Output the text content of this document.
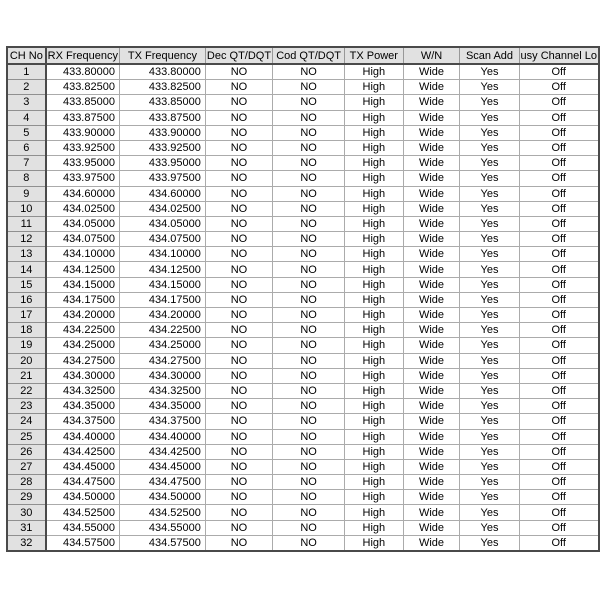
CH No	RX Frequency	TX Frequency	Dec QT/DQT	Cod QT/DQT	TX Power	W/N	Scan Add	usy Channel Lo
1	433.80000	433.80000	NO	NO	High	Wide	Yes	Off
2	433.82500	433.82500	NO	NO	High	Wide	Yes	Off
3	433.85000	433.85000	NO	NO	High	Wide	Yes	Off
4	433.87500	433.87500	NO	NO	High	Wide	Yes	Off
5	433.90000	433.90000	NO	NO	High	Wide	Yes	Off
6	433.92500	433.92500	NO	NO	High	Wide	Yes	Off
7	433.95000	433.95000	NO	NO	High	Wide	Yes	Off
8	433.97500	433.97500	NO	NO	High	Wide	Yes	Off
9	434.60000	434.60000	NO	NO	High	Wide	Yes	Off
10	434.02500	434.02500	NO	NO	High	Wide	Yes	Off
11	434.05000	434.05000	NO	NO	High	Wide	Yes	Off
12	434.07500	434.07500	NO	NO	High	Wide	Yes	Off
13	434.10000	434.10000	NO	NO	High	Wide	Yes	Off
14	434.12500	434.12500	NO	NO	High	Wide	Yes	Off
15	434.15000	434.15000	NO	NO	High	Wide	Yes	Off
16	434.17500	434.17500	NO	NO	High	Wide	Yes	Off
17	434.20000	434.20000	NO	NO	High	Wide	Yes	Off
18	434.22500	434.22500	NO	NO	High	Wide	Yes	Off
19	434.25000	434.25000	NO	NO	High	Wide	Yes	Off
20	434.27500	434.27500	NO	NO	High	Wide	Yes	Off
21	434.30000	434.30000	NO	NO	High	Wide	Yes	Off
22	434.32500	434.32500	NO	NO	High	Wide	Yes	Off
23	434.35000	434.35000	NO	NO	High	Wide	Yes	Off
24	434.37500	434.37500	NO	NO	High	Wide	Yes	Off
25	434.40000	434.40000	NO	NO	High	Wide	Yes	Off
26	434.42500	434.42500	NO	NO	High	Wide	Yes	Off
27	434.45000	434.45000	NO	NO	High	Wide	Yes	Off
28	434.47500	434.47500	NO	NO	High	Wide	Yes	Off
29	434.50000	434.50000	NO	NO	High	Wide	Yes	Off
30	434.52500	434.52500	NO	NO	High	Wide	Yes	Off
31	434.55000	434.55000	NO	NO	High	Wide	Yes	Off
32	434.57500	434.57500	NO	NO	High	Wide	Yes	Off
